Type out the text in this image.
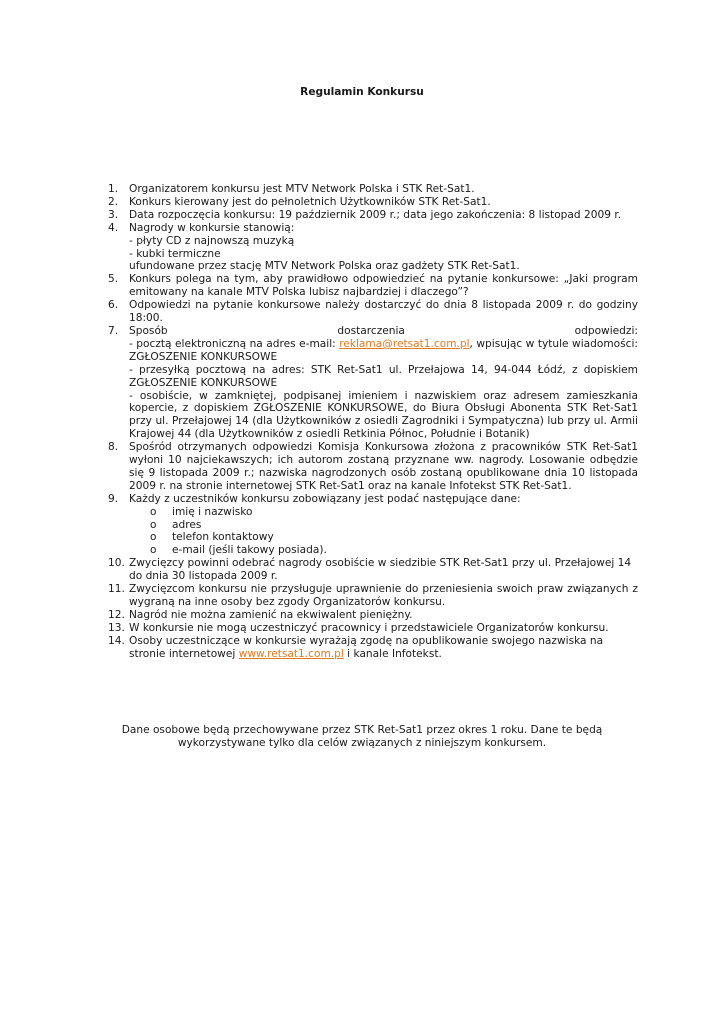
Regulamin Konkursu
1. Organizatorem konkursu jest MTV Network Polska i STK Ret-Sat1.
2. Konkurs kierowany jest do pełnoletnich Użytkowników STK Ret-Sat1.
3. Data rozpoczęcia konkursu: 19 październik 2009 r.; data jego zakończenia: 8 listopad 2009 r.
4. Nagrody w konkursie stanowią:
- płyty CD z najnowszą muzyką
- kubki termiczne
ufundowane przez stację MTV Network Polska oraz gadżety STK Ret-Sat1.
5. Konkurs polega na tym, aby prawidłowo odpowiedzieć na pytanie konkursowe: „Jaki program emitowany na kanale MTV Polska lubisz najbardziej i dlaczego”?
6. Odpowiedzi na pytanie konkursowe należy dostarczyć do dnia 8 listopada 2009 r. do godziny 18:00.
7. Sposób	dostarczenia	odpowiedzi:
- pocztą elektroniczną na adres e-mail: reklama@retsat1.com.pl, wpisując w tytule wiadomości: ZGŁOSZENIE KONKURSOWE
- przesyłką pocztową na adres: STK Ret-Sat1 ul. Przełajowa 14, 94-044 Łódź, z dopiskiem ZGŁOSZENIE KONKURSOWE
- osobiście, w zamkniętej, podpisanej imieniem i nazwiskiem oraz adresem zamieszkania kopercie, z dopiskiem ZGŁOSZENIE KONKURSOWE, do Biura Obsługi Abonenta STK Ret-Sat1 przy ul. Przełajowej 14 (dla Użytkowników z osiedli Zagrodniki i Sympatyczna) lub przy ul. Armii Krajowej 44 (dla Użytkowników z osiedli Retkinia Północ, Południe i Botanik)
8. Spośród otrzymanych odpowiedzi Komisja Konkursowa złożona z pracowników STK Ret-Sat1 wyłoni 10 najciekawszych; ich autorom zostaną przyznane ww. nagrody. Losowanie odbędzie się 9 listopada 2009 r.; nazwiska nagrodzonych osób zostaną opublikowane dnia 10 listopada 2009 r. na stronie internetowej STK Ret-Sat1 oraz na kanale Infotekst STK Ret-Sat1.
9. Każdy z uczestników konkursu zobowiązany jest podać następujące dane:
o imię i nazwisko
o adres
o telefon kontaktowy
o e-mail (jeśli takowy posiada).
10. Zwycięzcy powinni odebrać nagrody osobiście w siedzibie STK Ret-Sat1 przy ul. Przełajowej 14 do dnia 30 listopada 2009 r.
11. Zwycięzcom konkursu nie przysługuje uprawnienie do przeniesienia swoich praw związanych z wygraną na inne osoby bez zgody Organizatorów konkursu.
12. Nagród nie można zamienić na ekwiwalent pieniężny.
13. W konkursie nie mogą uczestniczyć pracownicy i przedstawiciele Organizatorów konkursu.
14. Osoby uczestniczące w konkursie wyrażają zgodę na opublikowanie swojego nazwiska na stronie internetowej www.retsat1.com.pl i kanale Infotekst.
Dane osobowe będą przechowywane przez STK Ret-Sat1 przez okres 1 roku. Dane te będą
wykorzystywane tylko dla celów związanych z niniejszym konkursem.
